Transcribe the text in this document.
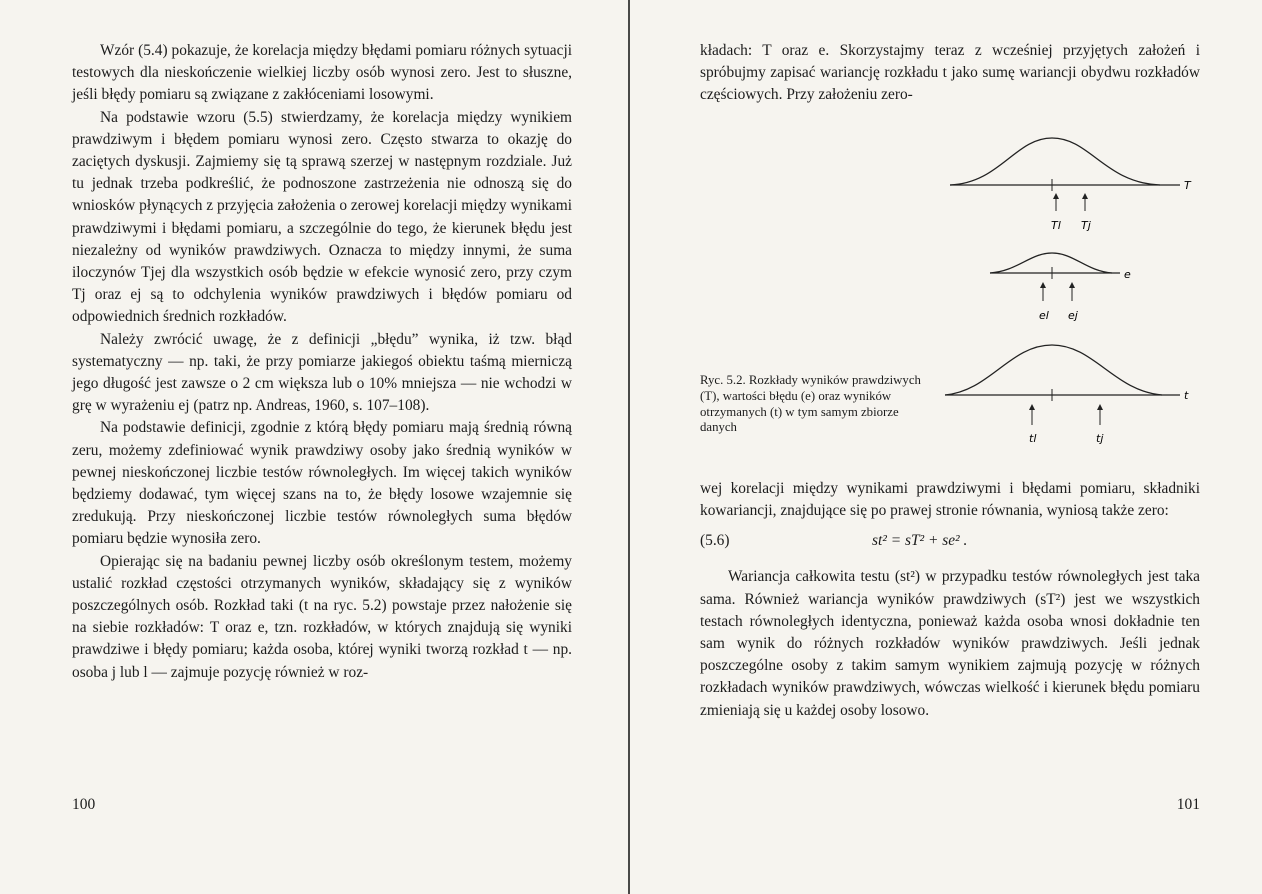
Wzór (5.4) pokazuje, że korelacja między błędami pomiaru różnych sytuacji testowych dla nieskończenie wielkiej liczby osób wynosi zero. Jest to słuszne, jeśli błędy pomiaru są związane z zakłóceniami losowymi.

Na podstawie wzoru (5.5) stwierdzamy, że korelacja między wynikiem prawdziwym i błędem pomiaru wynosi zero. Często stwarza to okazję do zaciętych dyskusji. Zajmiemy się tą sprawą szerzej w następnym rozdziale. Już tu jednak trzeba podkreślić, że podnoszone zastrzeżenia nie odnoszą się do wniosków płynących z przyjęcia założenia o zerowej korelacji między wynikami prawdziwymi i błędami pomiaru, a szczególnie do tego, że kierunek błędu jest niezależny od wyników prawdziwych. Oznacza to między innymi, że suma iloczynów Tjej dla wszystkich osób będzie w efekcie wynosić zero, przy czym Tj oraz ej są to odchylenia wyników prawdziwych i błędów pomiaru od odpowiednich średnich rozkładów.

Należy zwrócić uwagę, że z definicji „błędu” wynika, iż tzw. błąd systematyczny — np. taki, że przy pomiarze jakiegoś obiektu taśmą mierniczą jego długość jest zawsze o 2 cm większa lub o 10% mniejsza — nie wchodzi w grę w wyrażeniu ej (patrz np. Andreas, 1960, s. 107–108).

Na podstawie definicji, zgodnie z którą błędy pomiaru mają średnią równą zeru, możemy zdefiniować wynik prawdziwy osoby jako średnią wyników w pewnej nieskończonej liczbie testów równoległych. Im więcej takich wyników będziemy dodawać, tym więcej szans na to, że błędy losowe wzajemnie się zredukują. Przy nieskończonej liczbie testów równoległych suma błędów pomiaru będzie wynosiła zero.

Opierając się na badaniu pewnej liczby osób określonym testem, możemy ustalić rozkład częstości otrzymanych wyników, składający się z wyników poszczególnych osób. Rozkład taki (t na ryc. 5.2) powstaje przez nałożenie się na siebie rozkładów: T oraz e, tzn. rozkładów, w których znajdują się wyniki prawdziwe i błędy pomiaru; każda osoba, której wyniki tworzą rozkład t — np. osoba j lub l — zajmuje pozycję również w roz-

100

kładach: T oraz e. Skorzystajmy teraz z wcześniej przyjętych założeń i spróbujmy zapisać wariancję rozkładu t jako sumę wariancji obydwu rozkładów częściowych. Przy założeniu zero-

T
Tl Tj
e
el ej
t
tl	tj
Ryc. 5.2. Rozkłady wyników prawdziwych (T), wartości błędu (e) oraz wyników otrzymanych (t) w tym samym zbiorze danych

wej korelacji między wynikami prawdziwymi i błędami pomiaru, składniki kowariancji, znajdujące się po prawej stronie równania, wyniosą także zero:

(5.6)	st² = sT² + se² .

Wariancja całkowita testu (st²) w przypadku testów równoległych jest taka sama. Również wariancja wyników prawdziwych (sT²) jest we wszystkich testach równoległych identyczna, ponieważ każda osoba wnosi dokładnie ten sam wynik do różnych rozkładów wyników prawdziwych. Jeśli jednak poszczególne osoby z takim samym wynikiem zajmują pozycję w różnych rozkładach wyników prawdziwych, wówczas wielkość i kierunek błędu pomiaru zmieniają się u każdej osoby losowo.

101
